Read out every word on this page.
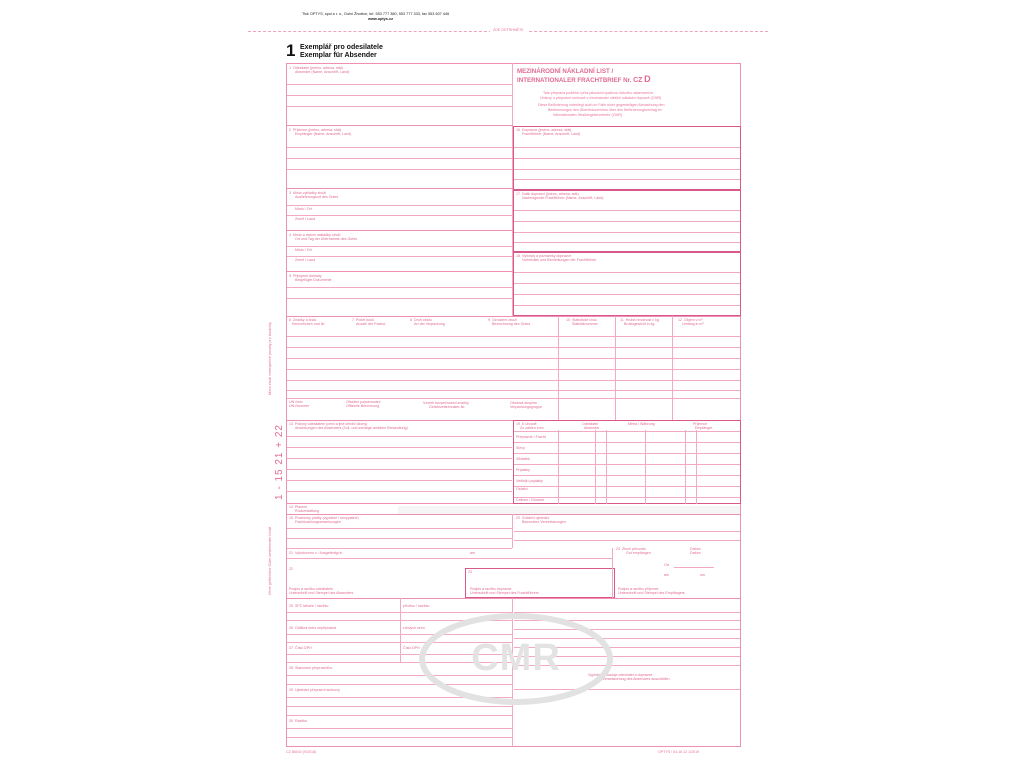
Tisk OPTYS, spol.s r. o., Dolní Životice, tel. 553 777 380, 553 777 333, fax 553 607 446
www.optys.cz
ZDE ODTRHNĚTE
1 Exemplář pro odesilatele
Exemplar für Absender
1 Odesilatel (jméno, adresa, stát)
Absender (Name, Anschrift, Land)	MEZINÁRODNÍ NÁKLADNÍ LIST /
INTERNATIONALER FRACHTBRIEF Nr. CZ D
Tato přeprava podléhá i přes jakoukoli opačnou doložku ustanovením
Úmluvy o přepravní smlouvě v mezinárodní silniční nákladní dopravě (CMR)
Diese Beförderung unterliegt auch im Falle einer gegenteiligen Abmachung den
Bestimmungen des Übereinkommens über den Beförderungsvertrag im
internationalen Straßengüterverkehr (CMR)
2 Příjemce (jméno, adresa, stát)
Empfänger (Name, Anschrift, Land)
16 Dopravce (jméno, adresa, stát)
Frachtführer (Name, Anschrift, Land)
3 Místo vykládky zboží
Auslieferungsort des Gutes
Místo / Ort
Země / Land
17 Další dopravci (jméno, adresa, stát)
Nachfolgende Frachtführer (Name, Anschrift, Land)
4 Místo a datum nakládky zboží
Ort und Tag der Übernahme des Gutes
Místo / Ort
Země / Land
18 Výhrady a poznámky dopravce
Vorbehalte und Bemerkungen der Frachtführer
5 Připojené doklady
Beigefügte Dokumente
6 Značky a čísla
Kennzeichen und Nr.
7 Počet kusů
Anzahl der Packst.
8 Druh obalu
Art der Verpackung
9 Označení zboží
Bezeichnung des Gutes
10 Statistické číslo
Statistiknummer
11 Hrubá hmotnost v kg
Bruttogewicht in kg
12 Objem v m³
Umfang in m³
UN číslo
UN-Nummer
Oficiální pojmenování
Offizielle Benennung
Vzorek bezpečnostní značky
Gefahrzettelmuster-Nr.
Obalová skupina
Verpackungsgruppe
13 Pokyny odesilatele (celní a jiné úřední úkony)
Anweisungen des Absenders (Zoll- und sonstige amtliche Behandlung)
19 K úhradě
Zu zahlen vom
Odesilatel
Absender
Měna / Währung	Příjemce
Empfänger
Přepravné / Fracht
Slevy
Zůstatek
Příplatky
Vedlejší poplatky
Ostatní
Celkem / Gesamt
14 Placení
Rückerstattung
15 Podmínky platby (vyplatné / nevyplatné)
Frachtzahlungsanweisungen
20 Zvláštní ujednání
Besondere Vereinbarungen
21 Vyhotoveno v / Ausgefertigt in	am
22
23
Podpis a razítko odesilatele
Unterschrift und Stempel des Absenders
Podpis a razítko dopravce
Unterschrift und Stempel des Frachtführers
24 Zboží převzato
Gut empfangen
Datum
Datum
Ort
am	um
Podpis a razítko příjemce
Unterschrift und Stempel des Empfängers
25 SPZ tahače / návěsu	přívěsu / návěsu
26 Odlišná nebo nepřípustná	cílových zemí
27 Číslo DPH	Číslo DPH
28 Stanovení přepravného
29 Ujednání přepravní smlouvy
30 Razítko
Vyplnění obsaduje odesilatel a dopravce
Auf Verantwortung des Absenders auszufüllen
CMR
1 - 15 21 + 22
Mimo zboží nebezpečné povahy pro zbožníky
Ohne gefährliche Güter bestehender Inhalt
CZ 86043 (9/2018)	OPTYS / 04.16.12 1/2019
